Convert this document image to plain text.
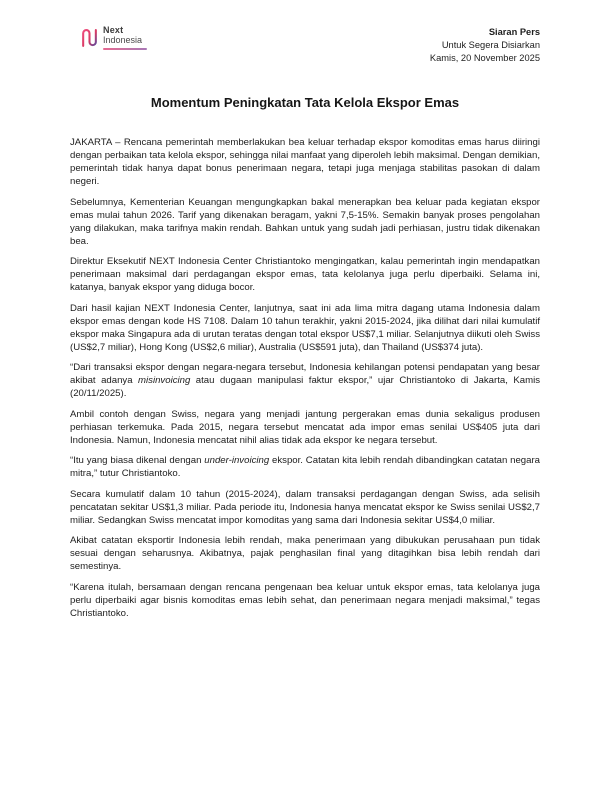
Next
Indonesia
Siaran Pers
Untuk Segera Disiarkan
Kamis, 20 November 2025
Momentum Peningkatan Tata Kelola Ekspor Emas

JAKARTA – Rencana pemerintah memberlakukan bea keluar terhadap ekspor komoditas emas harus diiringi dengan perbaikan tata kelola ekspor, sehingga nilai manfaat yang diperoleh lebih maksimal. Dengan demikian, pemerintah tidak hanya dapat bonus penerimaan negara, tetapi juga menjaga stabilitas pasokan di dalam negeri.

Sebelumnya, Kementerian Keuangan mengungkapkan bakal menerapkan bea keluar pada kegiatan ekspor emas mulai tahun 2026. Tarif yang dikenakan beragam, yakni 7,5-15%. Semakin banyak proses pengolahan yang dilakukan, maka tarifnya makin rendah. Bahkan untuk yang sudah jadi perhiasan, justru tidak dikenakan bea.

Direktur Eksekutif NEXT Indonesia Center Christiantoko mengingatkan, kalau pemerintah ingin mendapatkan penerimaan maksimal dari perdagangan ekspor emas, tata kelolanya juga perlu diperbaiki. Selama ini, katanya, banyak ekspor yang diduga bocor.

Dari hasil kajian NEXT Indonesia Center, lanjutnya, saat ini ada lima mitra dagang utama Indonesia dalam ekspor emas dengan kode HS 7108. Dalam 10 tahun terakhir, yakni 2015-2024, jika dilihat dari nilai kumulatif ekspor maka Singapura ada di urutan teratas dengan total ekspor US$7,1 miliar. Selanjutnya diikuti oleh Swiss (US$2,7 miliar), Hong Kong (US$2,6 miliar), Australia (US$591 juta), dan Thailand (US$374 juta).

“Dari transaksi ekspor dengan negara-negara tersebut, Indonesia kehilangan potensi pendapatan yang besar akibat adanya misinvoicing atau dugaan manipulasi faktur ekspor,” ujar Christiantoko di Jakarta, Kamis (20/11/2025).

Ambil contoh dengan Swiss, negara yang menjadi jantung pergerakan emas dunia sekaligus produsen perhiasan terkemuka. Pada 2015, negara tersebut mencatat ada impor emas senilai US$405 juta dari Indonesia. Namun, Indonesia mencatat nihil alias tidak ada ekspor ke negara tersebut.

“Itu yang biasa dikenal dengan under-invoicing ekspor. Catatan kita lebih rendah dibandingkan catatan negara mitra,” tutur Christiantoko.

Secara kumulatif dalam 10 tahun (2015-2024), dalam transaksi perdagangan dengan Swiss, ada selisih pencatatan sekitar US$1,3 miliar. Pada periode itu, Indonesia hanya mencatat ekspor ke Swiss senilai US$2,7 miliar. Sedangkan Swiss mencatat impor komoditas yang sama dari Indonesia sekitar US$4,0 miliar.

Akibat catatan eksportir Indonesia lebih rendah, maka penerimaan yang dibukukan perusahaan pun tidak sesuai dengan seharusnya. Akibatnya, pajak penghasilan final yang ditagihkan bisa lebih rendah dari semestinya.

“Karena itulah, bersamaan dengan rencana pengenaan bea keluar untuk ekspor emas, tata kelolanya juga perlu diperbaiki agar bisnis komoditas emas lebih sehat, dan penerimaan negara menjadi maksimal,” tegas Christiantoko.
